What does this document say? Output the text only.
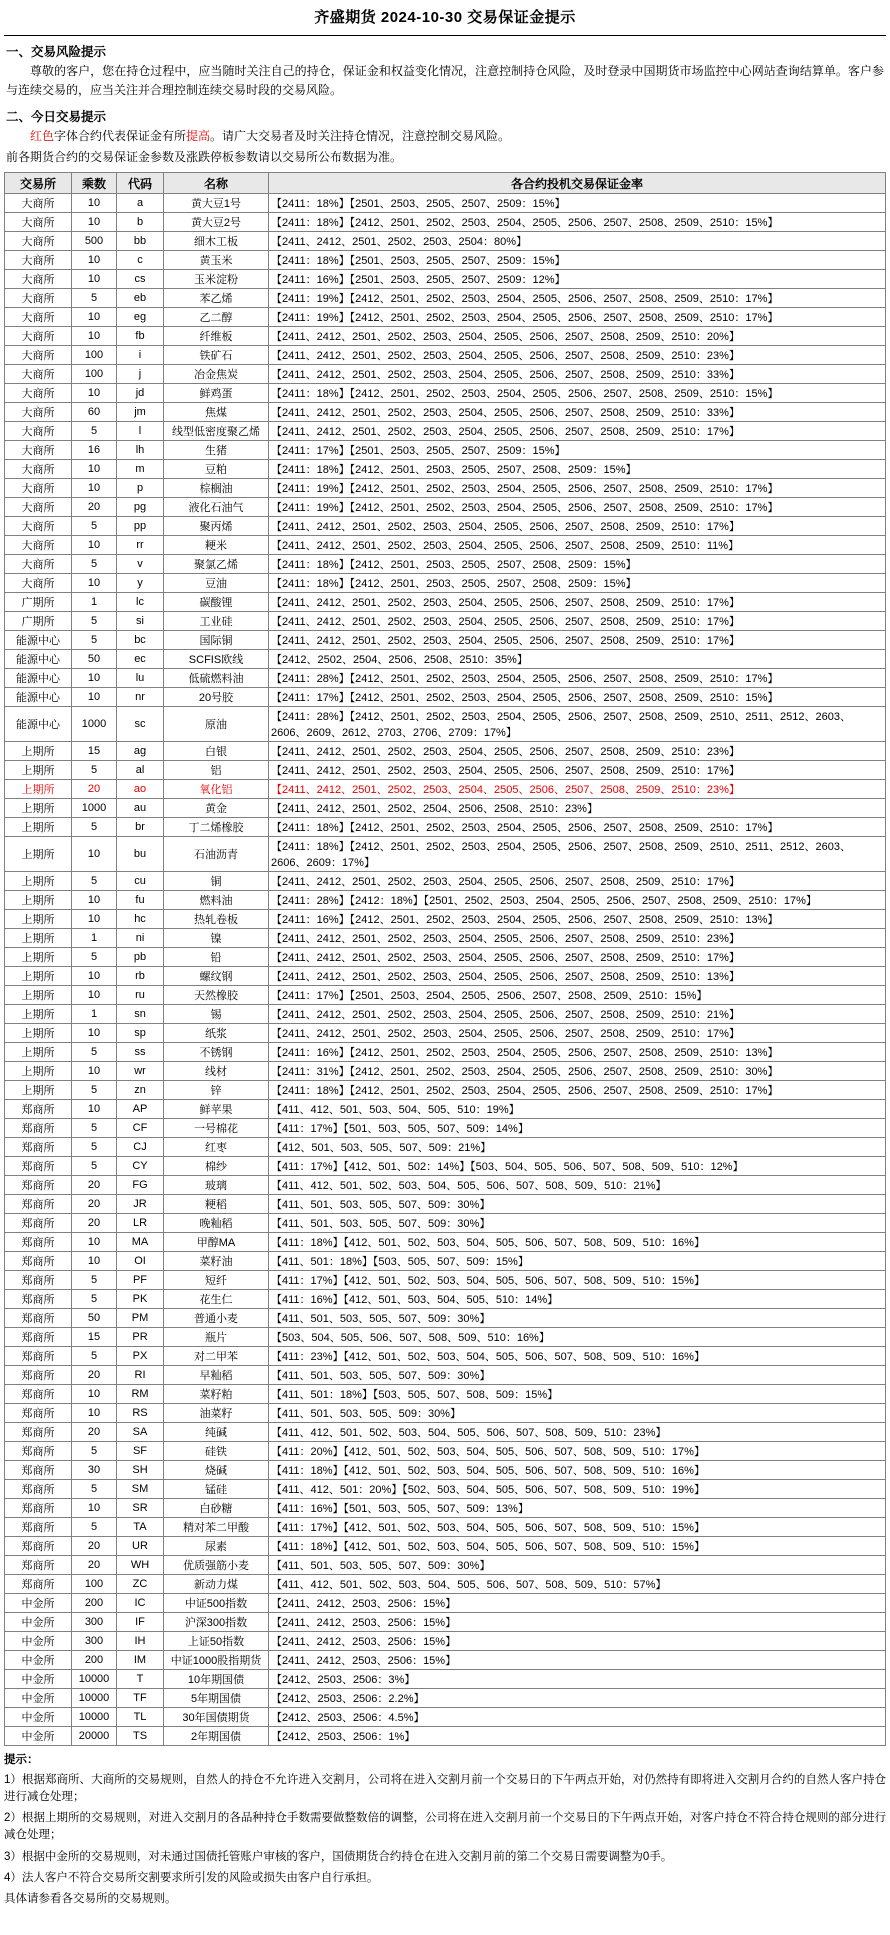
齐盛期货 2024-10-30 交易保证金提示
一、交易风险提示
尊敬的客户，您在持仓过程中，应当随时关注自己的持仓，保证金和权益变化情况，注意控制持仓风险，及时登录中国期货市场监控中心网站查询结算单。客户参与连续交易的，应当关注并合理控制连续交易时段的交易风险。
二、今日交易提示
红色字体合约代表保证金有所提高。请广大交易者及时关注持仓情况，注意控制交易风险。
前各期货合约的交易保证金参数及涨跌停板参数请以交易所公布数据为准。
交易所	乘数	代码	名称	各合约投机交易保证金率
大商所	10	a	黄大豆1号	【2411：18%】【2501、2503、2505、2507、2509：15%】
大商所	10	b	黄大豆2号	【2411：18%】【2412、2501、2502、2503、2504、2505、2506、2507、2508、2509、2510：15%】
大商所	500	bb	细木工板	【2411、2412、2501、2502、2503、2504：80%】
大商所	10	c	黄玉米	【2411：18%】【2501、2503、2505、2507、2509：15%】
大商所	10	cs	玉米淀粉	【2411：16%】【2501、2503、2505、2507、2509：12%】
大商所	5	eb	苯乙烯	【2411：19%】【2412、2501、2502、2503、2504、2505、2506、2507、2508、2509、2510：17%】
大商所	10	eg	乙二醇	【2411：19%】【2412、2501、2502、2503、2504、2505、2506、2507、2508、2509、2510：17%】
大商所	10	fb	纤维板	【2411、2412、2501、2502、2503、2504、2505、2506、2507、2508、2509、2510：20%】
大商所	100	i	铁矿石	【2411、2412、2501、2502、2503、2504、2505、2506、2507、2508、2509、2510：23%】
大商所	100	j	冶金焦炭	【2411、2412、2501、2502、2503、2504、2505、2506、2507、2508、2509、2510：33%】
大商所	10	jd	鲜鸡蛋	【2411：18%】【2412、2501、2502、2503、2504、2505、2506、2507、2508、2509、2510：15%】
大商所	60	jm	焦煤	【2411、2412、2501、2502、2503、2504、2505、2506、2507、2508、2509、2510：33%】
大商所	5	l	线型低密度聚乙烯	【2411、2412、2501、2502、2503、2504、2505、2506、2507、2508、2509、2510：17%】
大商所	16	lh	生猪	【2411：17%】【2501、2503、2505、2507、2509：15%】
大商所	10	m	豆粕	【2411：18%】【2412、2501、2503、2505、2507、2508、2509：15%】
大商所	10	p	棕榈油	【2411：19%】【2412、2501、2502、2503、2504、2505、2506、2507、2508、2509、2510：17%】
大商所	20	pg	液化石油气	【2411：19%】【2412、2501、2502、2503、2504、2505、2506、2507、2508、2509、2510：17%】
大商所	5	pp	聚丙烯	【2411、2412、2501、2502、2503、2504、2505、2506、2507、2508、2509、2510：17%】
大商所	10	rr	粳米	【2411、2412、2501、2502、2503、2504、2505、2506、2507、2508、2509、2510：11%】
大商所	5	v	聚氯乙烯	【2411：18%】【2412、2501、2503、2505、2507、2508、2509：15%】
大商所	10	y	豆油	【2411：18%】【2412、2501、2503、2505、2507、2508、2509：15%】
广期所	1	lc	碳酸锂	【2411、2412、2501、2502、2503、2504、2505、2506、2507、2508、2509、2510：17%】
广期所	5	si	工业硅	【2411、2412、2501、2502、2503、2504、2505、2506、2507、2508、2509、2510：17%】
能源中心	5	bc	国际铜	【2411、2412、2501、2502、2503、2504、2505、2506、2507、2508、2509、2510：17%】
能源中心	50	ec	SCFIS欧线	【2412、2502、2504、2506、2508、2510：35%】
能源中心	10	lu	低硫燃料油	【2411：28%】【2412、2501、2502、2503、2504、2505、2506、2507、2508、2509、2510：17%】
能源中心	10	nr	20号胶	【2411：17%】【2412、2501、2502、2503、2504、2505、2506、2507、2508、2509、2510：15%】
能源中心	1000	sc	原油	【2411：28%】【2412、2501、2502、2503、2504、2505、2506、2507、2508、2509、2510、2511、2512、2603、2606、2609、2612、2703、2706、2709：17%】
上期所	15	ag	白银	【2411、2412、2501、2502、2503、2504、2505、2506、2507、2508、2509、2510：23%】
上期所	5	al	铝	【2411、2412、2501、2502、2503、2504、2505、2506、2507、2508、2509、2510：17%】
上期所	20	ao	氧化铝	【2411、2412、2501、2502、2503、2504、2505、2506、2507、2508、2509、2510：23%】
上期所	1000	au	黄金	【2411、2412、2501、2502、2504、2506、2508、2510：23%】
上期所	5	br	丁二烯橡胶	【2411：18%】【2412、2501、2502、2503、2504、2505、2506、2507、2508、2509、2510：17%】
上期所	10	bu	石油沥青	【2411：18%】【2412、2501、2502、2503、2504、2505、2506、2507、2508、2509、2510、2511、2512、2603、2606、2609：17%】
上期所	5	cu	铜	【2411、2412、2501、2502、2503、2504、2505、2506、2507、2508、2509、2510：17%】
上期所	10	fu	燃料油	【2411：28%】【2412：18%】【2501、2502、2503、2504、2505、2506、2507、2508、2509、2510：17%】
上期所	10	hc	热轧卷板	【2411：16%】【2412、2501、2502、2503、2504、2505、2506、2507、2508、2509、2510：13%】
上期所	1	ni	镍	【2411、2412、2501、2502、2503、2504、2505、2506、2507、2508、2509、2510：23%】
上期所	5	pb	铅	【2411、2412、2501、2502、2503、2504、2505、2506、2507、2508、2509、2510：17%】
上期所	10	rb	螺纹钢	【2411、2412、2501、2502、2503、2504、2505、2506、2507、2508、2509、2510：13%】
上期所	10	ru	天然橡胶	【2411：17%】【2501、2503、2504、2505、2506、2507、2508、2509、2510：15%】
上期所	1	sn	锡	【2411、2412、2501、2502、2503、2504、2505、2506、2507、2508、2509、2510：21%】
上期所	10	sp	纸浆	【2411、2412、2501、2502、2503、2504、2505、2506、2507、2508、2509、2510：17%】
上期所	5	ss	不锈钢	【2411：16%】【2412、2501、2502、2503、2504、2505、2506、2507、2508、2509、2510：13%】
上期所	10	wr	线材	【2411：31%】【2412、2501、2502、2503、2504、2505、2506、2507、2508、2509、2510：30%】
上期所	5	zn	锌	【2411：18%】【2412、2501、2502、2503、2504、2505、2506、2507、2508、2509、2510：17%】
郑商所	10	AP	鲜苹果	【411、412、501、503、504、505、510：19%】
郑商所	5	CF	一号棉花	【411：17%】【501、503、505、507、509：14%】
郑商所	5	CJ	红枣	【412、501、503、505、507、509：21%】
郑商所	5	CY	棉纱	【411：17%】【412、501、502：14%】【503、504、505、506、507、508、509、510：12%】
郑商所	20	FG	玻璃	【411、412、501、502、503、504、505、506、507、508、509、510：21%】
郑商所	20	JR	粳稻	【411、501、503、505、507、509：30%】
郑商所	20	LR	晚籼稻	【411、501、503、505、507、509：30%】
郑商所	10	MA	甲醇MA	【411：18%】【412、501、502、503、504、505、506、507、508、509、510：16%】
郑商所	10	OI	菜籽油	【411、501：18%】【503、505、507、509：15%】
郑商所	5	PF	短纤	【411：17%】【412、501、502、503、504、505、506、507、508、509、510：15%】
郑商所	5	PK	花生仁	【411：16%】【412、501、503、504、505、510：14%】
郑商所	50	PM	普通小麦	【411、501、503、505、507、509：30%】
郑商所	15	PR	瓶片	【503、504、505、506、507、508、509、510：16%】
郑商所	5	PX	对二甲苯	【411：23%】【412、501、502、503、504、505、506、507、508、509、510：16%】
郑商所	20	RI	早籼稻	【411、501、503、505、507、509：30%】
郑商所	10	RM	菜籽粕	【411、501：18%】【503、505、507、508、509：15%】
郑商所	10	RS	油菜籽	【411、501、503、505、509：30%】
郑商所	20	SA	纯碱	【411、412、501、502、503、504、505、506、507、508、509、510：23%】
郑商所	5	SF	硅铁	【411：20%】【412、501、502、503、504、505、506、507、508、509、510：17%】
郑商所	30	SH	烧碱	【411：18%】【412、501、502、503、504、505、506、507、508、509、510：16%】
郑商所	5	SM	锰硅	【411、412、501：20%】【502、503、504、505、506、507、508、509、510：19%】
郑商所	10	SR	白砂糖	【411：16%】【501、503、505、507、509：13%】
郑商所	5	TA	精对苯二甲酸	【411：17%】【412、501、502、503、504、505、506、507、508、509、510：15%】
郑商所	20	UR	尿素	【411：18%】【412、501、502、503、504、505、506、507、508、509、510：15%】
郑商所	20	WH	优质强筋小麦	【411、501、503、505、507、509：30%】
郑商所	100	ZC	新动力煤	【411、412、501、502、503、504、505、506、507、508、509、510：57%】
中金所	200	IC	中证500指数	【2411、2412、2503、2506：15%】
中金所	300	IF	沪深300指数	【2411、2412、2503、2506：15%】
中金所	300	IH	上证50指数	【2411、2412、2503、2506：15%】
中金所	200	IM	中证1000股指期货	【2411、2412、2503、2506：15%】
中金所	10000	T	10年期国债	【2412、2503、2506：3%】
中金所	10000	TF	5年期国债	【2412、2503、2506：2.2%】
中金所	10000	TL	30年国债期货	【2412、2503、2506：4.5%】
中金所	20000	TS	2年期国债	【2412、2503、2506：1%】
提示：

1）根据郑商所、大商所的交易规则，自然人的持仓不允许进入交割月，公司将在进入交割月前一个交易日的下午两点开始，对仍然持有即将进入交割月合约的自然人客户持仓进行减仓处理；

2）根据上期所的交易规则，对进入交割月的各品种持仓手数需要做整数倍的调整，公司将在进入交割月前一个交易日的下午两点开始，对客户持仓不符合持仓规则的部分进行减仓处理；

3）根据中金所的交易规则，对未通过国债托管账户审核的客户，国债期货合约持仓在进入交割月前的第二个交易日需要调整为0手。

4）法人客户不符合交易所交割要求所引发的风险或损失由客户自行承担。

具体请参看各交易所的交易规则。
